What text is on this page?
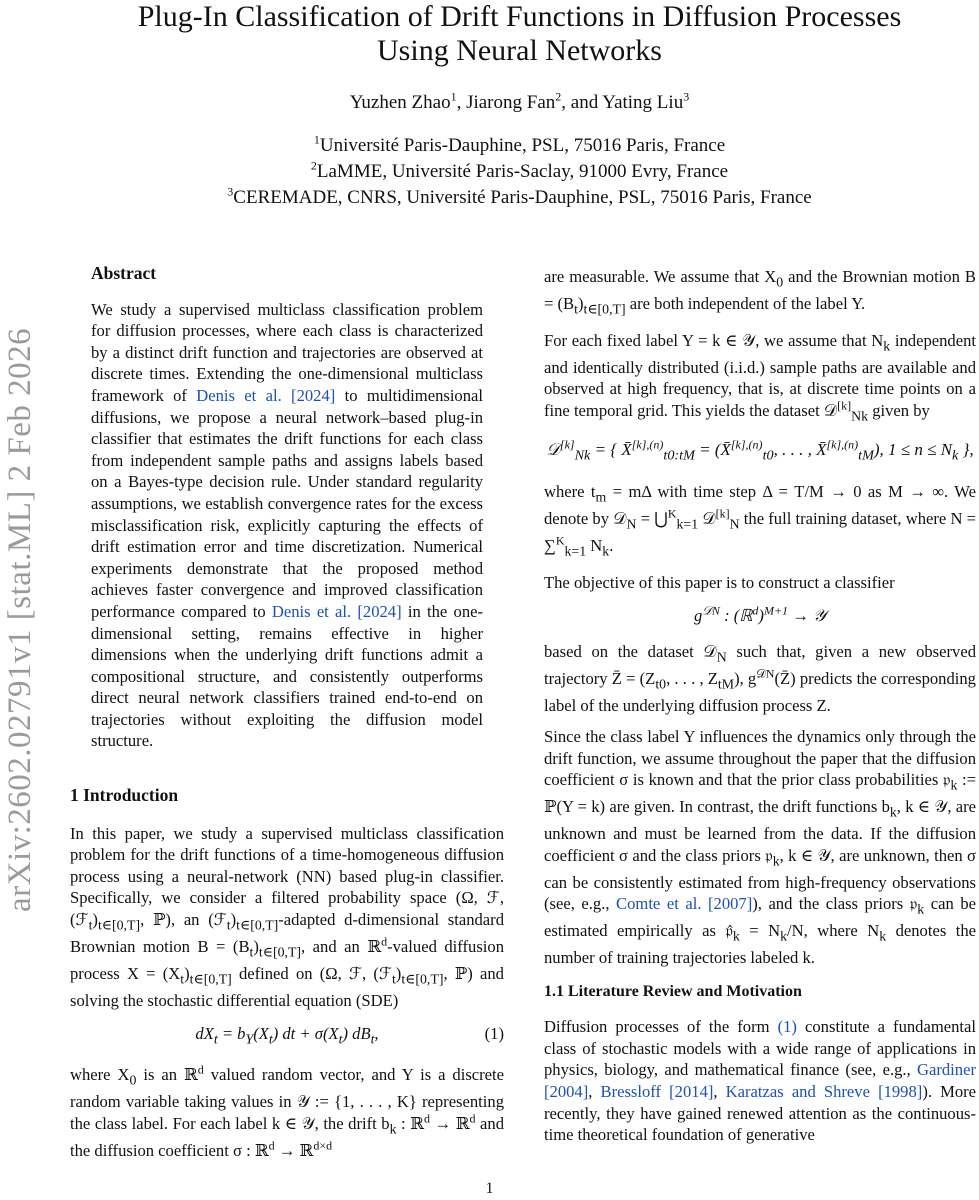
arXiv:2602.02791v1 [stat.ML] 2 Feb 2026
Plug-In Classification of Drift Functions in Diffusion Processes
Using Neural Networks
Yuzhen Zhao$^1$, Jiarong Fan$^2$, and Yating Liu$^3$
$^1$Université Paris-Dauphine, PSL, 75016 Paris, France
$^2$LaMME, Université Paris-Saclay, 91000 Evry, France
$^3$CEREMADE, CNRS, Université Paris-Dauphine, PSL, 75016 Paris, France
Abstract

We study a supervised multiclass classification problem for diffusion processes, where each class is characterized by a distinct drift function and trajectories are observed at discrete times. Extending the one-dimensional multiclass framework of Denis et al. [2024] to multidimensional diffusions, we propose a neural network–based plug-in classifier that estimates the drift functions for each class from independent sample paths and assigns labels based on a Bayes-type decision rule. Under standard regularity assumptions, we establish convergence rates for the excess misclassification risk, explicitly capturing the effects of drift estimation error and time discretization. Numerical experiments demonstrate that the proposed method achieves faster convergence and improved classification performance compared to Denis et al. [2024] in the one-dimensional setting, remains effective in higher dimensions when the underlying drift functions admit a compositional structure, and consistently outperforms direct neural network classifiers trained end-to-end on trajectories without exploiting the diffusion model structure.

1 Introduction

In this paper, we study a supervised multiclass classification problem for the drift functions of a time-homogeneous diffusion process using a neural-network (NN) based plug-in classifier. Specifically, we consider a filtered probability space (Ω, ℱ, $(ℱ_t)_{t\in[0,T]}$, ℙ), an $(ℱ_t)_{t\in[0,T]}$-adapted d-dimensional standard Brownian motion $B = (B_t)_{t\in[0,T]}$, and an ℝ$^d$-valued diffusion process $X = (X_t)_{t\in[0,T]}$ defined on (Ω, ℱ, $(ℱ_t)_{t\in[0,T]}$, ℙ) and solving the stochastic differential equation (SDE)

$dX_t = b_Y(X_t)$ dt + $\sigma(X_t)$ $dB_t$,	(1)

where $X_0$ is an ℝ$^d$ valued random vector, and Y is a discrete random variable taking values in 𝒴 := {1, . . . , K} representing the class label. For each label k ∈ 𝒴, the drift $b_k$ : ℝ$^d$ → ℝ$^d$ and the diffusion coefficient σ : ℝ$^d$ → ℝ$^{d\times d}$

are measurable. We assume that $X_0$ and the Brownian motion $B = (B_t)_{t\in[0,T]}$ are both independent of the label Y.

For each fixed label Y = k ∈ 𝒴, we assume that $N_k$ independent and identically distributed (i.i.d.) sample paths are available and observed at high frequency, that is, at discrete time points on a fine temporal grid. This yields the dataset 𝒟[k]$_{Nk}$ given by

𝒟[k]$_{Nk}$ = { X̄$^{[k],(n)}_{t0:tM}$ = (X̄$^{[k],(n)}_{t0}$, . . . , X̄$^{[k],(n)}_{tM}$), $1 \le n \le N_k$ },

where $t_m = m\Delta$ with time step Δ = T/M → 0 as M → ∞. We denote by 𝒟$_N$ = ⋃$^K_{k=1}$ 𝒟[k]$_N$ the full training dataset, where N = ∑$^K_{k=1}$ $N_k$.

The objective of this paper is to construct a classifier

$g^{𝒟N}$ : (ℝ$^d$)$^{M+1}$ → 𝒴

based on the dataset 𝒟$_N$ such that, given a new observed trajectory Z̄ = ($Z_{t0}$, . . . , $Z_{tM}$), $g^{𝒟N}(Z̄)$ predicts the corresponding label of the underlying diffusion process Z.

Since the class label Y influences the dynamics only through the drift function, we assume throughout the paper that the diffusion coefficient σ is known and that the prior class probabilities 𝔭$_k$ := ℙ(Y = k) are given. In contrast, the drift functions $b_k$, k ∈ 𝒴, are unknown and must be learned from the data. If the diffusion coefficient σ and the class priors 𝔭$_k$, k ∈ 𝒴, are unknown, then σ can be consistently estimated from high-frequency observations (see, e.g., Comte et al. [2007]), and the class priors 𝔭$_k$ can be estimated empirically as $𝔭̂_k = N_k/N$, where $N_k$ denotes the number of training trajectories labeled k.

1.1 Literature Review and Motivation

Diffusion processes of the form (1) constitute a fundamental class of stochastic models with a wide range of applications in physics, biology, and mathematical finance (see, e.g., Gardiner [2004], Bressloff [2014], Karatzas and Shreve [1998]). More recently, they have gained renewed attention as the continuous-time theoretical foundation of generative

1
